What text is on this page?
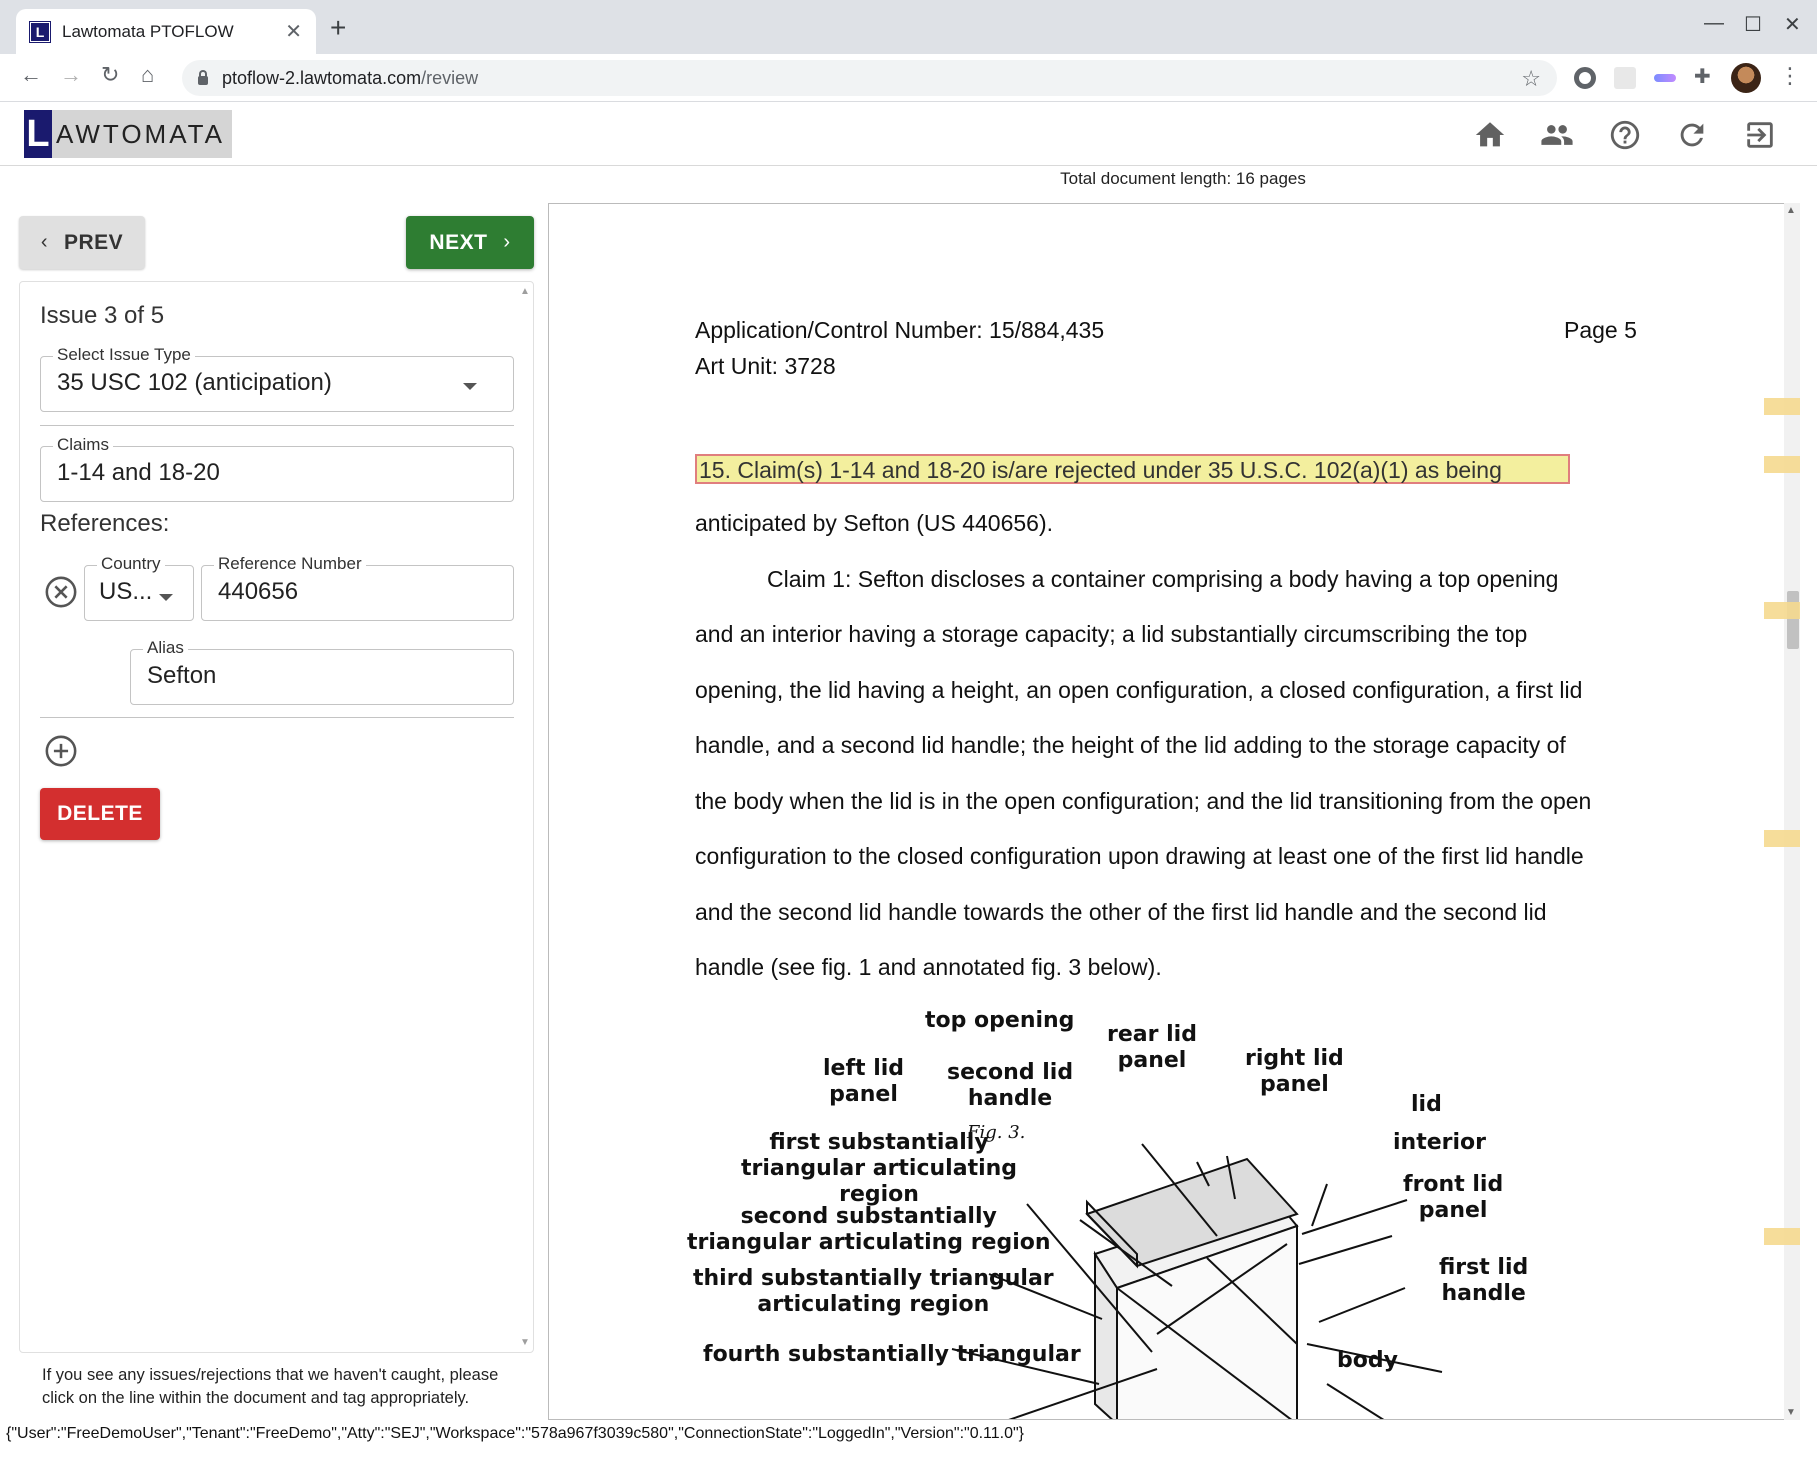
L	Lawtomata PTOFLOW	✕ +	— ☐ ✕
← → ↻ ⌂	ptoflow-2.lawtomata.com /review	☆	✚	⋮
L AWTOMATA
Total document length: 16 pages
‹ PREV	NEXT ›
▲
▼
Issue 3 of 5
Select Issue Type
35 USC 102 (anticipation)
Claims
1-14 and 18-20
References:
Country
US...
Reference Number
440656
Alias
Sefton
DELETE
If you see any issues/rejections that we haven't caught, please click on the line within the document and tag appropriately.
{"User":"FreeDemoUser","Tenant":"FreeDemo","Atty":"SEJ","Workspace":"578a967f3039c580","ConnectionState":"LoggedIn","Version":"0.11.0"}
Application/Control Number: 15/884,435	Page 5
Art Unit: 3728
15. Claim(s) 1-14 and 18-20 is/are rejected under 35 U.S.C. 102(a)(1) as being
anticipated by Sefton (US 440656).
Claim 1: Sefton discloses a container comprising a body having a top opening
and an interior having a storage capacity; a lid substantially circumscribing the top
opening, the lid having a height, an open configuration, a closed configuration, a first lid
handle, and a second lid handle; the height of the lid adding to the storage capacity of
the body when the lid is in the open configuration; and the lid transitioning from the open
configuration to the closed configuration upon drawing at least one of the first lid handle
and the second lid handle towards the other of the first lid handle and the second lid
handle (see fig. 1 and annotated fig. 3 below).
top opening
rear lid
panel	right lid
panel
left lid
panel
second lid
handle
Fig. 3.
lid
interior
first substantially
triangular articulating
region	front lid
panel
second substantially
triangular articulating region
first lid
handle
third substantially triangular
articulating region
fourth substantially triangular	body
▲
▼
